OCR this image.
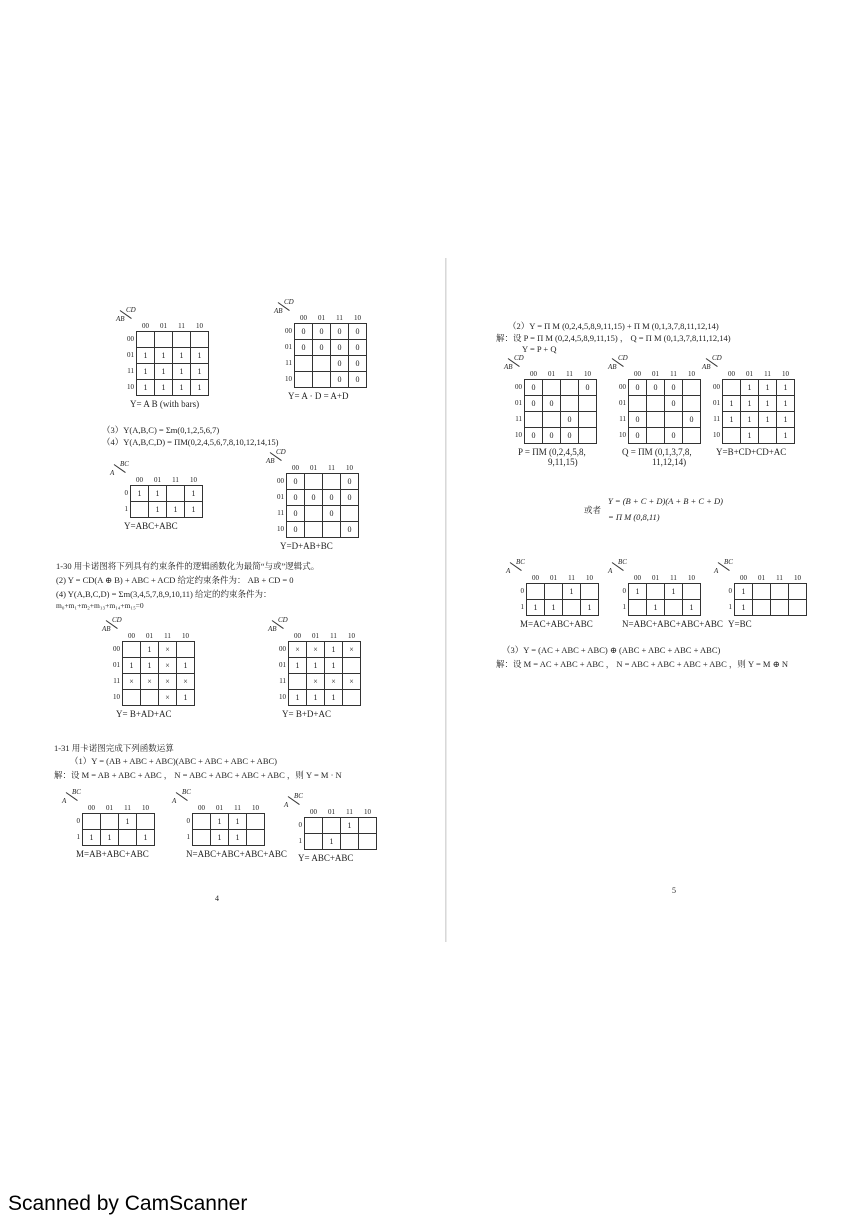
CD
AB
	00	01	11	10
00				
01	1	1	1	1
11	1	1	1	1
10	1	1	1	1
Y= A B (with bars)
CD
AB
	00	01	11	10
00	0	0	0	0
01	0	0	0	0
11			0	0
10			0	0
Y= A · D = A+D
（3）Y(A,B,C) = Σm(0,1,2,5,6,7)
（4）Y(A,B,C,D) = ΠM(0,2,4,5,6,7,8,10,12,14,15)
BC
A
	00	01	11	10
0	1	1		1
1		1	1	1
Y=ABC+ABC
CD
AB
	00	01	11	10
00	0			0
01	0	0	0	0
11	0		0	
10	0			0
Y=D+AB+BC
1-30 用卡诺图将下列具有约束条件的逻辑函数化为最简“与或”逻辑式。
(2) Y = CD(A ⊕ B) + ABC + ACD 给定约束条件为： AB + CD = 0
(4) Y(A,B,C,D) = Σm(3,4,5,7,8,9,10,11) 给定的约束条件为：
m₀+m₁+m₂+m₁₃+m₁₄+m₁₅=0
CD
AB
	00	01	11	10
00		1	×	
01	1	1	×	1
11	×	×	×	×
10			×	1
Y= B+AD+AC
CD
AB
	00	01	11	10
00	×	×	1	×
01	1	1	1	
11		×	×	×
10	1	1	1	
Y= B+D+AC
1-31 用卡诺图完成下列函数运算
（1）Y = (AB + ABC + ABC)(ABC + ABC + ABC + ABC)
解：设 M = AB + ABC + ABC ， N = ABC + ABC + ABC + ABC ，则 Y = M · N
BC
A
	00	01	11	10
0			1	
1	1	1		1
M=AB+ABC+ABC
BC
A
	00	01	11	10
0		1	1	
1		1	1	
N=ABC+ABC+ABC+ABC
BC
A
	00	01	11	10
0			1	
1		1		
Y= ABC+ABC
4
（2）Y = Π M (0,2,4,5,8,9,11,15) + Π M (0,1,3,7,8,11,12,14)
解：设 P = Π M (0,2,4,5,8,9,11,15) ， Q = Π M (0,1,3,7,8,11,12,14)
Y = P + Q
CD
AB
	00	01	11	10
00	0			0
01	0	0		
11			0	
10	0	0	0	
P = ΠM (0,2,4,5,8,
9,11,15)
CD
AB
	00	01	11	10
00	0	0	0	
01			0	
11	0			0
10	0		0	
Q = ΠM (0,1,3,7,8,
11,12,14)
CD
AB
	00	01	11	10
00		1	1	1
01	1	1	1	1
11	1	1	1	1
10		1		1
Y=B+CD+CD+AC
或者
Y = (B + C + D)(A + B + C + D)
= Π M (0,8,11)
BC
A
	00	01	11	10
0			1	
1	1	1		1
M=AC+ABC+ABC
BC
A
	00	01	11	10
0	1		1	
1		1		1
N=ABC+ABC+ABC+ABC
BC
A
	00	01	11	10
0	1			
1	1			
Y=BC
（3）Y = (AC + ABC + ABC) ⊕ (ABC + ABC + ABC + ABC)
解：设 M = AC + ABC + ABC ， N = ABC + ABC + ABC + ABC ，则 Y = M ⊕ N
5
Scanned by CamScanner
